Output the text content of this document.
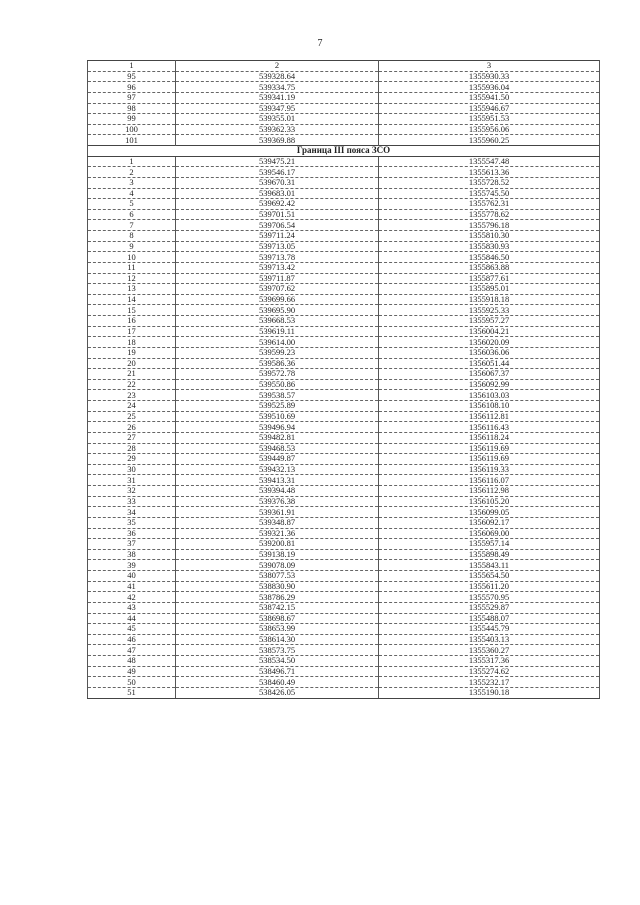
7
1	2	3
95	539328.64	1355930.33
96	539334.75	1355936.04
97	539341.19	1355941.50
98	539347.95	1355946.67
99	539355.01	1355951.53
100	539362.33	1355956.06
101	539369.88	1355960.25
Граница III пояса ЗСО		
1	539475.21	1355547.48
2	539546.17	1355613.36
3	539670.31	1355728.52
4	539683.01	1355745.50
5	539692.42	1355762.31
6	539701.51	1355778.62
7	539706.54	1355796.18
8	539711.24	1355810.30
9	539713.05	1355830.93
10	539713.78	1355846.50
11	539713.42	1355863.88
12	539711.87	1355877.61
13	539707.62	1355895.01
14	539699.66	1355918.18
15	539695.90	1355925.33
16	539668.53	1355957.27
17	539619.11	1356004.21
18	539614.00	1356020.09
19	539599.23	1356036.06
20	539586.36	1356051.44
21	539572.78	1356067.37
22	539550.86	1356092.99
23	539538.57	1356103.03
24	539525.89	1356108.10
25	539510.69	1356112.81
26	539496.94	1356116.43
27	539482.81	1356118.24
28	539468.53	1356119.69
29	539449.87	1356119.69
30	539432.13	1356119.33
31	539413.31	1356116.07
32	539394.48	1356112.98
33	539376.38	1356105.20
34	539361.91	1356099.05
35	539348.87	1356092.17
36	539321.36	1356069.00
37	539200.81	1355957.14
38	539138.19	1355898.49
39	539078.09	1355843.11
40	538077.53	1355654.50
41	538830.90	1355611.20
42	538786.29	1355570.95
43	538742.15	1355529.87
44	538698.67	1355488.07
45	538653.99	1355445.79
46	538614.30	1355403.13
47	538573.75	1355360.27
48	538534.50	1355317.36
49	538496.71	1355274.62
50	538460.49	1355232.17
51	538426.05	1355190.18
